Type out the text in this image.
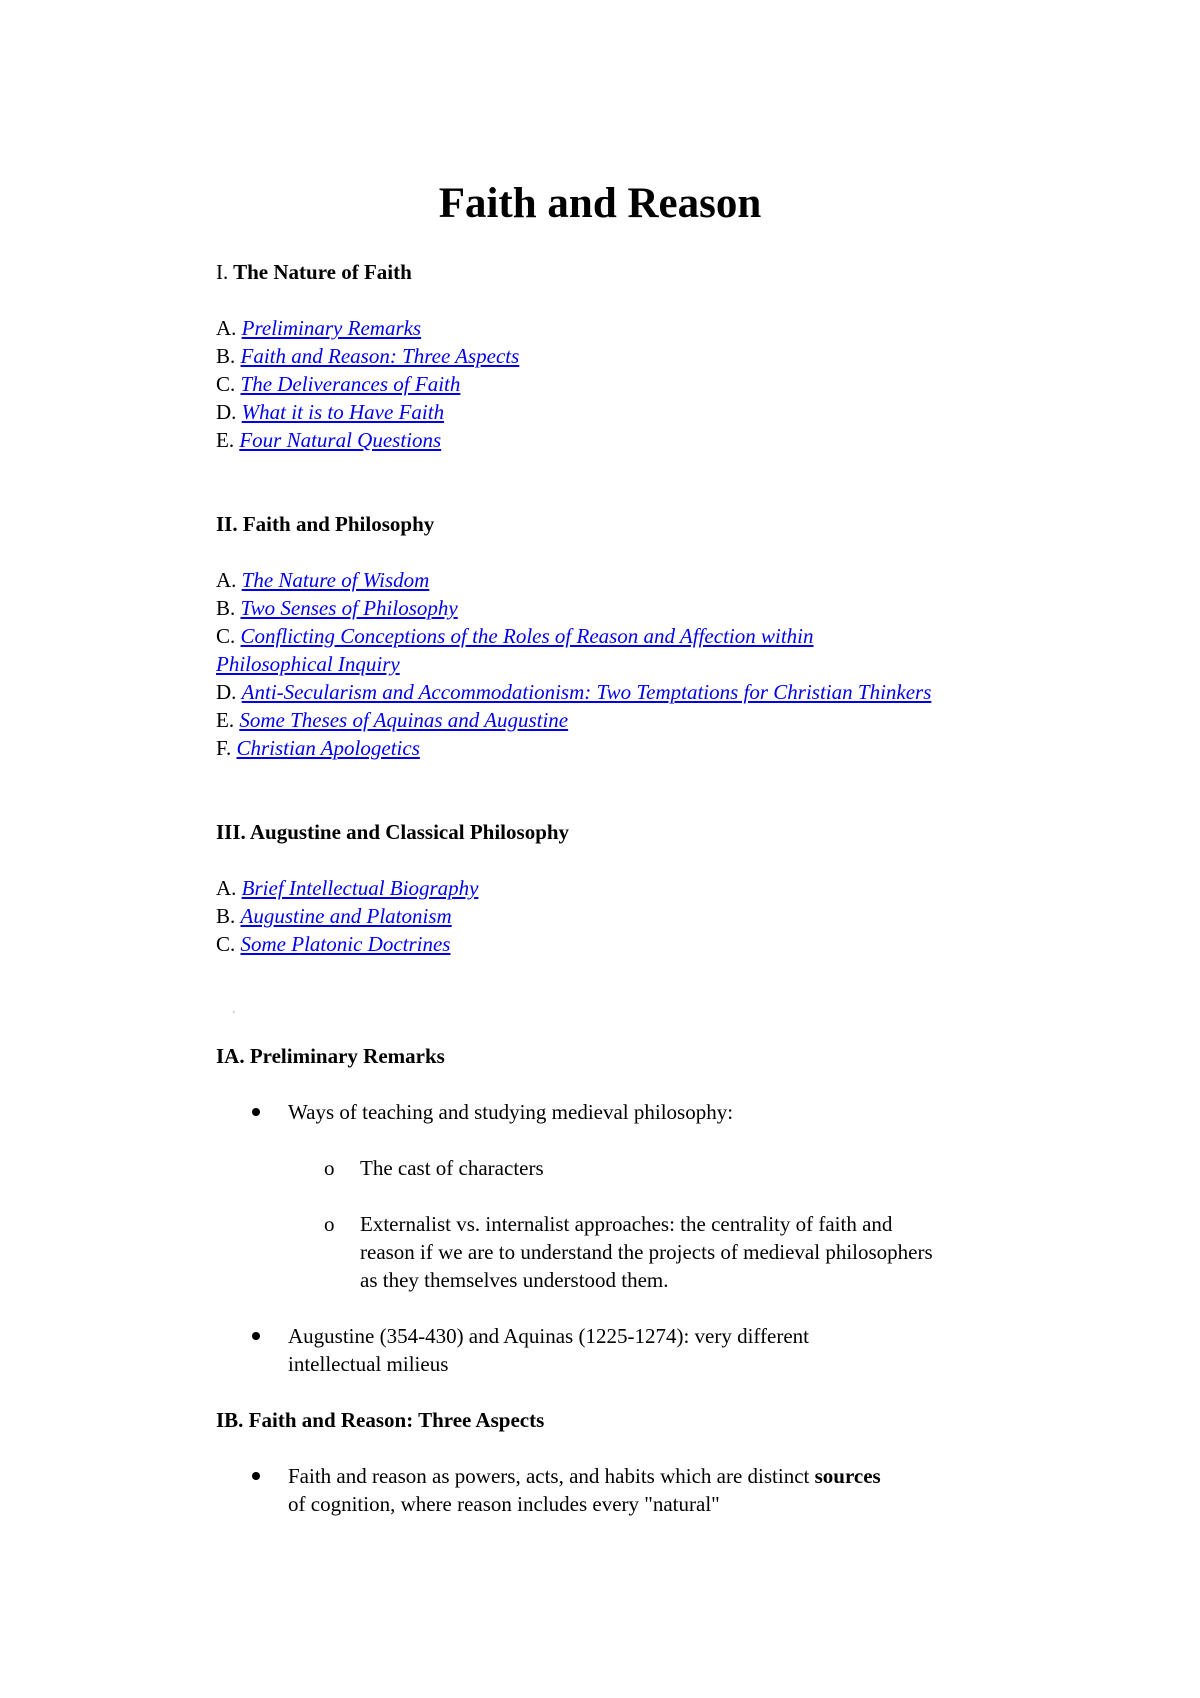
Faith and Reason
I. The Nature of Faith
A. Preliminary Remarks
B. Faith and Reason: Three Aspects
C. The Deliverances of Faith
D. What it is to Have Faith
E. Four Natural Questions
II. Faith and Philosophy
A. The Nature of Wisdom
B. Two Senses of Philosophy
C. Conflicting Conceptions of the Roles of Reason and Affection within Philosophical Inquiry
D. Anti-Secularism and Accommodationism: Two Temptations for Christian Thinkers
E. Some Theses of Aquinas and Augustine
F. Christian Apologetics
III. Augustine and Classical Philosophy
A. Brief Intellectual Biography
B. Augustine and Platonism
C. Some Platonic Doctrines
IA. Preliminary Remarks
Ways of teaching and studying medieval philosophy:
o The cast of characters
o Externalist vs. internalist approaches: the centrality of faith and reason if we are to understand the projects of medieval philosophers as they themselves understood them.
Augustine (354-430) and Aquinas (1225-1274): very different intellectual milieus
IB. Faith and Reason: Three Aspects
Faith and reason as powers, acts, and habits which are distinct sources of cognition, where reason includes every "natural"
'
